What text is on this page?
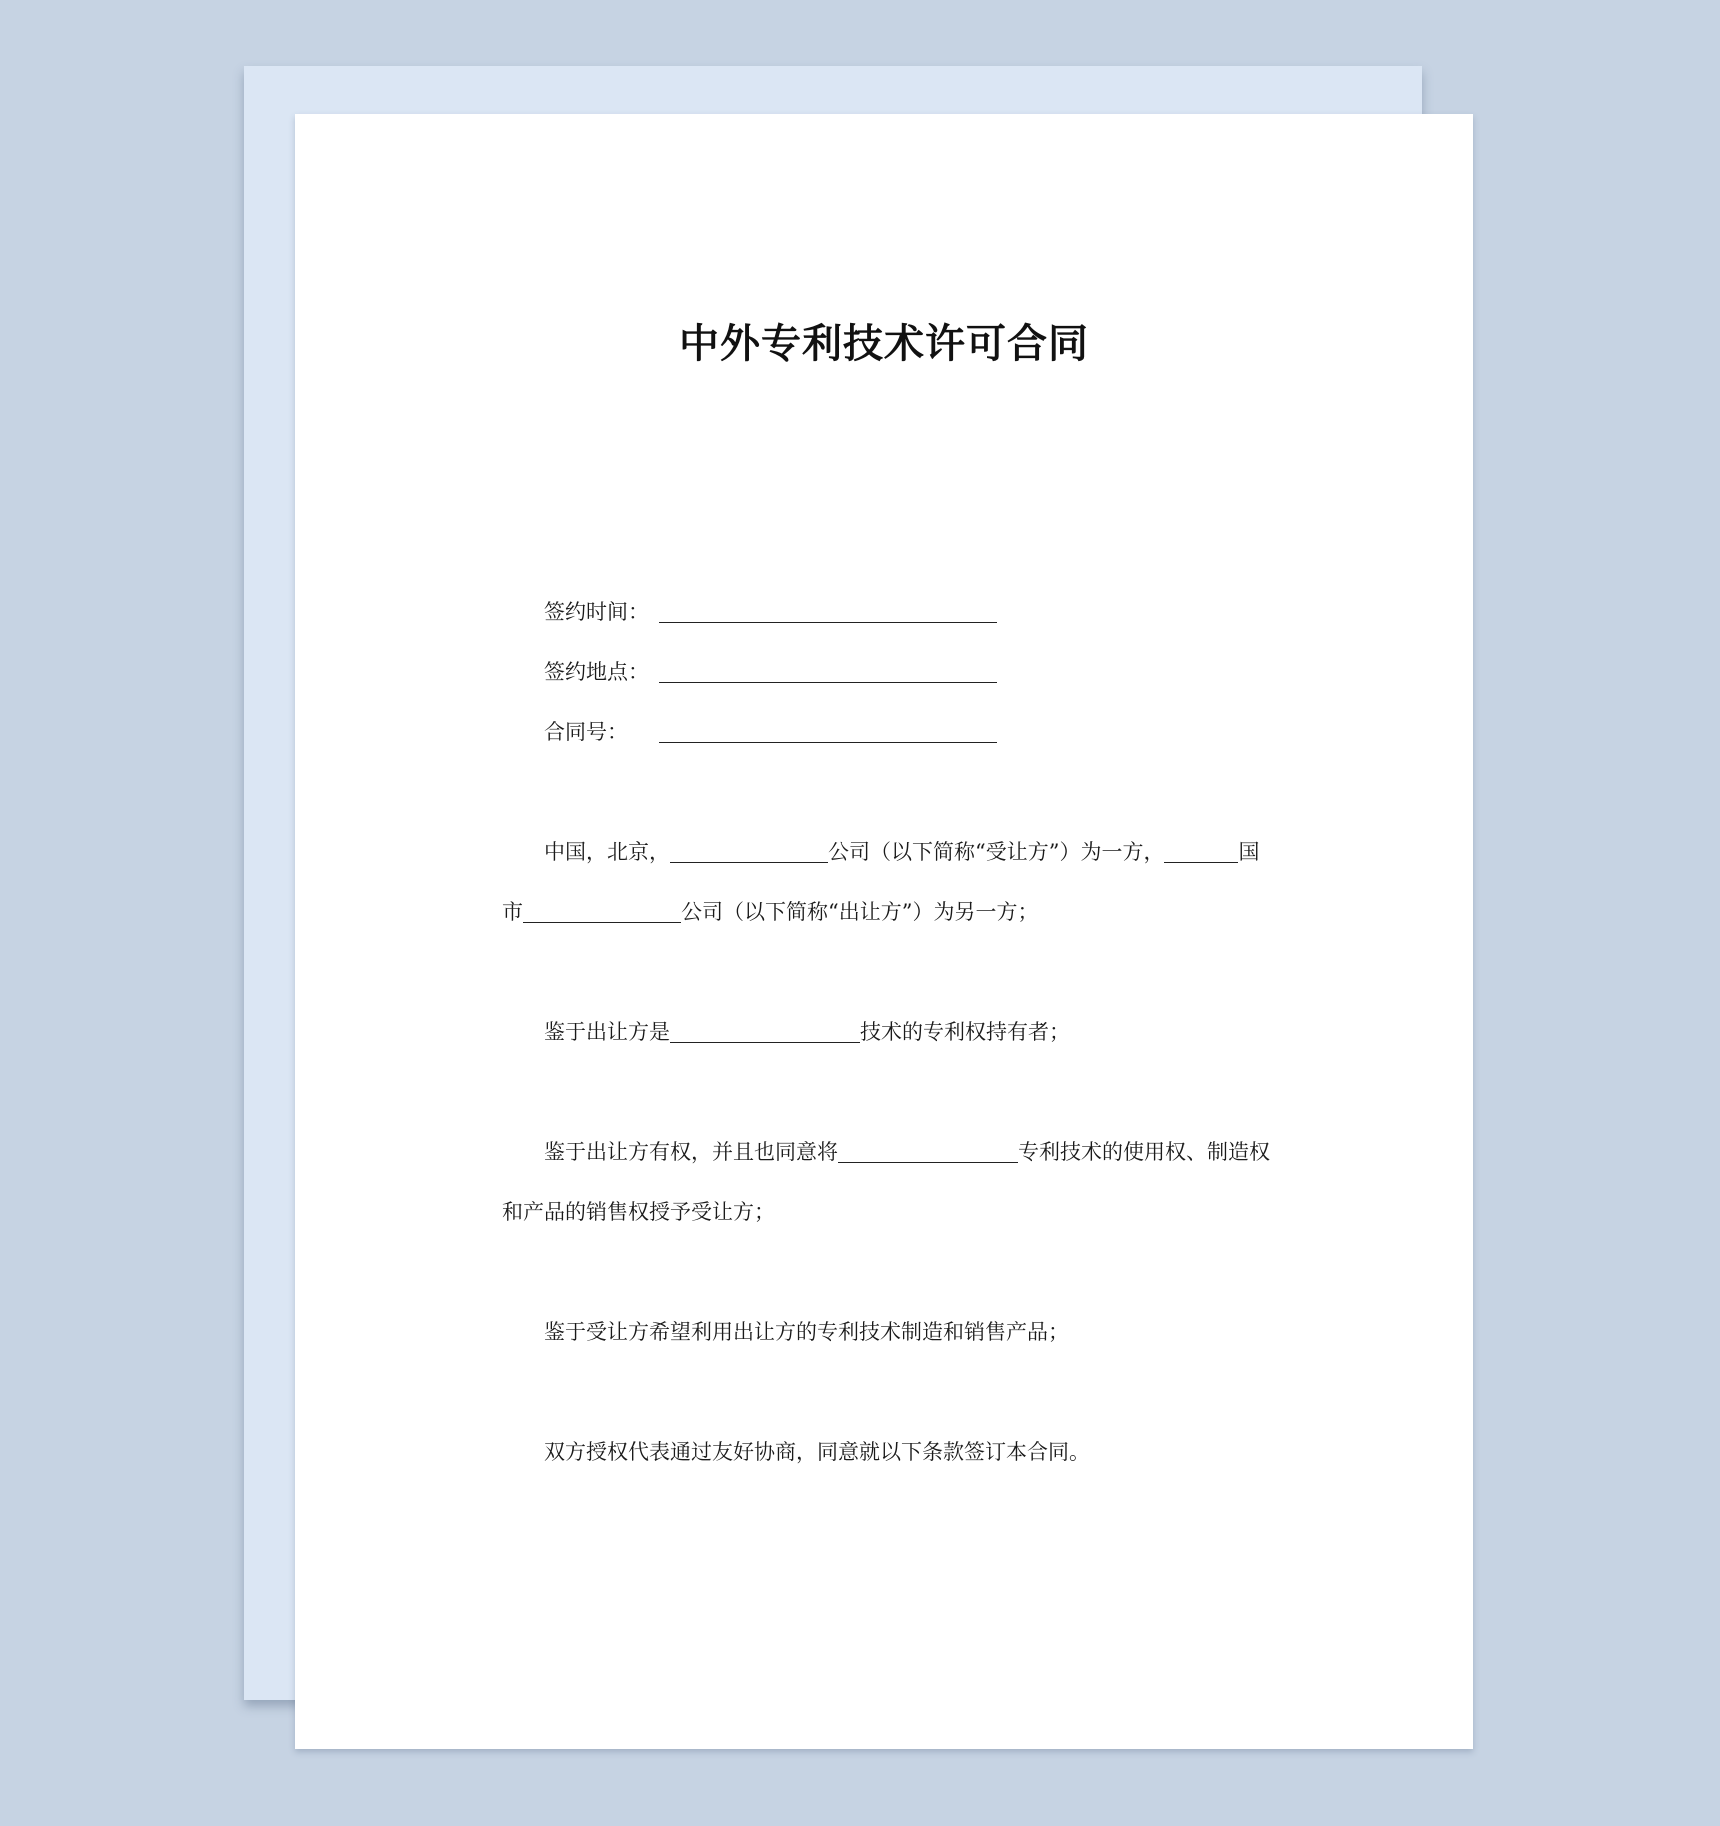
中外专利技术许可合同
签约时间：
签约地点：
合同号：
中国，北京，	公司（以下简称“受让方”）为一方，	国
市	公司（以下简称“出让方”）为另一方；
鉴于出让方是	技术的专利权持有者；
鉴于出让方有权，并且也同意将	专利技术的使用权、制造权
和产品的销售权授予受让方；
鉴于受让方希望利用出让方的专利技术制造和销售产品；
双方授权代表通过友好协商，同意就以下条款签订本合同。
